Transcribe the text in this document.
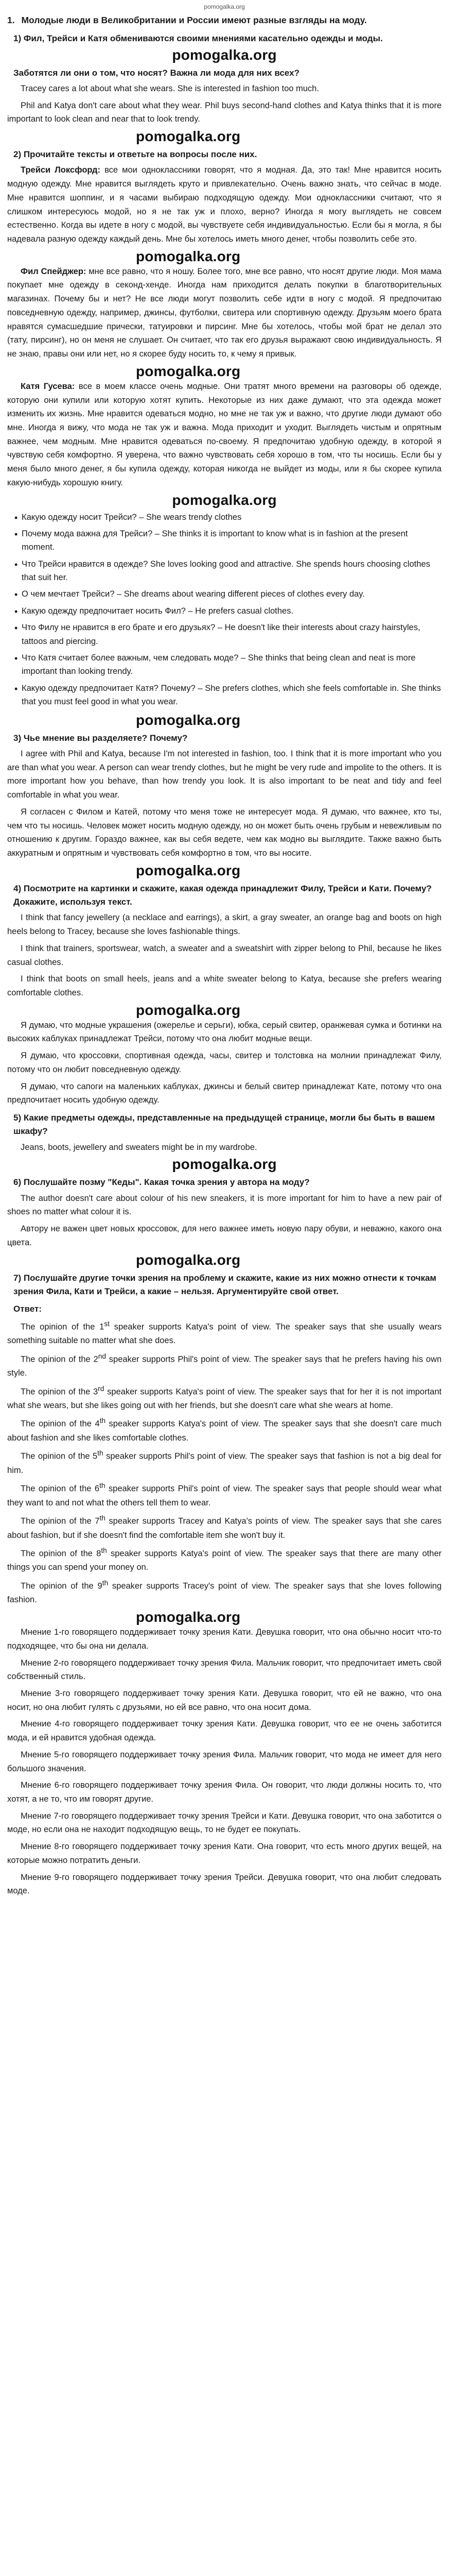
pomogalka.org
1. Молодые люди в Великобритании и России имеют разные взгляды на моду.
1) Фил, Трейси и Катя обмениваются своими мнениями касательно одежды и моды.
pomogalka.org
Заботятся ли они о том, что носят? Важна ли мода для них всех?

Tracey cares a lot about what she wears. She is interested in fashion too much.

Phil and Katya don't care about what they wear. Phil buys second-hand clothes and Katya thinks that it is more important to look clean and near that to look trendy.

pomogalka.org
2) Прочитайте тексты и ответьте на вопросы после них.

Трейси Локсфорд: все мои одноклассники говорят, что я модная. Да, это так! Мне нравится носить модную одежду. Мне нравится выглядеть круто и привлекательно. Очень важно знать, что сейчас в моде. Мне нравится шоппинг, и я часами выбираю подходящую одежду. Мои одноклассники считают, что я слишком интересуюсь модой, но я не так уж и плохо, верно? Иногда я могу выглядеть не совсем естественно. Когда вы идете в ногу с модой, вы чувствуете себя индивидуальностью. Если бы я могла, я бы надевала разную одежду каждый день. Мне бы хотелось иметь много денег, чтобы позволить себе это.

pomogalka.org

Фил Спейджер: мне все равно, что я ношу. Более того, мне все равно, что носят другие люди. Моя мама покупает мне одежду в секонд-хенде. Иногда нам приходится делать покупки в благотворительных магазинах. Почему бы и нет? Не все люди могут позволить себе идти в ногу с модой. Я предпочитаю повседневную одежду, например, джинсы, футболки, свитера или спортивную одежду. Друзьям моего брата нравятся сумасшедшие прически, татуировки и пирсинг. Мне бы хотелось, чтобы мой брат не делал это (тату, пирсинг), но он меня не слушает. Он считает, что так его друзья выражают свою индивидуальность. Я не знаю, правы они или нет, но я скорее буду носить то, к чему я привык.

pomogalka.org

Катя Гусева: все в моем классе очень модные. Они тратят много времени на разговоры об одежде, которую они купили или которую хотят купить. Некоторые из них даже думают, что эта одежда может изменить их жизнь. Мне нравится одеваться модно, но мне не так уж и важно, что другие люди думают обо мне. Иногда я вижу, что мода не так уж и важна. Мода приходит и уходит. Выглядеть чистым и опрятным важнее, чем модным. Мне нравится одеваться по-своему. Я предпочитаю удобную одежду, в которой я чувствую себя комфортно. Я уверена, что важно чувствовать себя хорошо в том, что ты носишь. Если бы у меня было много денег, я бы купила одежду, которая никогда не выйдет из моды, или я бы скорее купила какую-нибудь хорошую книгу.

pomogalka.org
• Какую одежду носит Трейси? – She wears trendy clothes
• Почему мода важна для Трейси? – She thinks it is important to know what is in fashion at the present moment.
• Что Трейси нравится в одежде? She loves looking good and attractive. She spends hours choosing clothes that suit her.
• О чем мечтает Трейси? – She dreams about wearing different pieces of clothes every day.
• Какую одежду предпочитает носить Фил? – He prefers casual clothes.
• Что Филу не нравится в его брате и его друзьях? – He doesn't like their interests about crazy hairstyles, tattoos and piercing.
• Что Катя считает более важным, чем следовать моде? – She thinks that being clean and neat is more important than looking trendy.
• Какую одежду предпочитает Катя? Почему? – She prefers clothes, which she feels comfortable in. She thinks that you must feel good in what you wear.
pomogalka.org
3) Чье мнение вы разделяете? Почему?

I agree with Phil and Katya, because I'm not interested in fashion, too. I think that it is more important who you are than what you wear. A person can wear trendy clothes, but he might be very rude and impolite to the others. It is more important how you behave, than how trendy you look. It is also important to be neat and tidy and feel comfortable in what you wear.

Я согласен с Филом и Катей, потому что меня тоже не интересует мода. Я думаю, что важнее, кто ты, чем что ты носишь. Человек может носить модную одежду, но он может быть очень грубым и невежливым по отношению к другим. Гораздо важнее, как вы себя ведете, чем как модно вы выглядите. Также важно быть аккуратным и опрятным и чувствовать себя комфортно в том, что вы носите.

pomogalka.org
4) Посмотрите на картинки и скажите, какая одежда принадлежит Филу, Трейси и Кати. Почему? Докажите, используя текст.

I think that fancy jewellery (a necklace and earrings), a skirt, a gray sweater, an orange bag and boots on high heels belong to Tracey, because she loves fashionable things.

I think that trainers, sportswear, watch, a sweater and a sweatshirt with zipper belong to Phil, because he likes casual clothes.

I think that boots on small heels, jeans and a white sweater belong to Katya, because she prefers wearing comfortable clothes.

pomogalka.org

Я думаю, что модные украшения (ожерелье и серьги), юбка, серый свитер, оранжевая сумка и ботинки на высоких каблуках принадлежат Трейси, потому что она любит модные вещи.

Я думаю, что кроссовки, спортивная одежда, часы, свитер и толстовка на молнии принадлежат Филу, потому что он любит повседневную одежду.

Я думаю, что сапоги на маленьких каблуках, джинсы и белый свитер принадлежат Кате, потому что она предпочитает носить удобную одежду.

5) Какие предметы одежды, представленные на предыдущей странице, могли бы быть в вашем шкафу?

Jeans, boots, jewellery and sweaters might be in my wardrobe.

pomogalka.org
6) Послушайте позму "Кеды". Какая точка зрения у автора на моду?

The author doesn't care about colour of his new sneakers, it is more important for him to have a new pair of shoes no matter what colour it is.

Автору не важен цвет новых кроссовок, для него важнее иметь новую пару обуви, и неважно, какого она цвета.

pomogalka.org
7) Послушайте другие точки зрения на проблему и скажите, какие из них можно отнести к точкам зрения Фила, Кати и Трейси, а какие – нельзя. Аргументируйте свой ответ.
Ответ:

The opinion of the 1st speaker supports Katya's point of view. The speaker says that she usually wears something suitable no matter what she does.

The opinion of the 2nd speaker supports Phil's point of view. The speaker says that he prefers having his own style.

The opinion of the 3rd speaker supports Katya's point of view. The speaker says that for her it is not important what she wears, but she likes going out with her friends, but she doesn't care what she wears at home.

The opinion of the 4th speaker supports Katya's point of view. The speaker says that she doesn't care much about fashion and she likes comfortable clothes.

The opinion of the 5th speaker supports Phil's point of view. The speaker says that fashion is not a big deal for him.

The opinion of the 6th speaker supports Phil's point of view. The speaker says that people should wear what they want to and not what the others tell them to wear.

The opinion of the 7th speaker supports Tracey and Katya's points of view. The speaker says that she cares about fashion, but if she doesn't find the comfortable item she won't buy it.

The opinion of the 8th speaker supports Katya's point of view. The speaker says that there are many other things you can spend your money on.

The opinion of the 9th speaker supports Tracey's point of view. The speaker says that she loves following fashion.

pomogalka.org

Мнение 1-го говорящего поддерживает точку зрения Кати. Девушка говорит, что она обычно носит что-то подходящее, что бы она ни делала.

Мнение 2-го говорящего поддерживает точку зрения Фила. Мальчик говорит, что предпочитает иметь свой собственный стиль.

Мнение 3-го говорящего поддерживает точку зрения Кати. Девушка говорит, что ей не важно, что она носит, но она любит гулять с друзьями, но ей все равно, что она носит дома.

Мнение 4-го говорящего поддерживает точку зрения Кати. Девушка говорит, что ее не очень заботится мода, и ей нравится удобная одежда.

Мнение 5-го говорящего поддерживает точку зрения Фила. Мальчик говорит, что мода не имеет для него большого значения.

Мнение 6-го говорящего поддерживает точку зрения Фила. Он говорит, что люди должны носить то, что хотят, а не то, что им говорят другие.

Мнение 7-го говорящего поддерживает точку зрения Трейси и Кати. Девушка говорит, что она заботится о моде, но если она не находит подходящую вещь, то не будет ее покупать.

Мнение 8-го говорящего поддерживает точку зрения Кати. Она говорит, что есть много других вещей, на которые можно потратить деньги.

Мнение 9-го говорящего поддерживает точку зрения Трейси. Девушка говорит, что она любит следовать моде.
